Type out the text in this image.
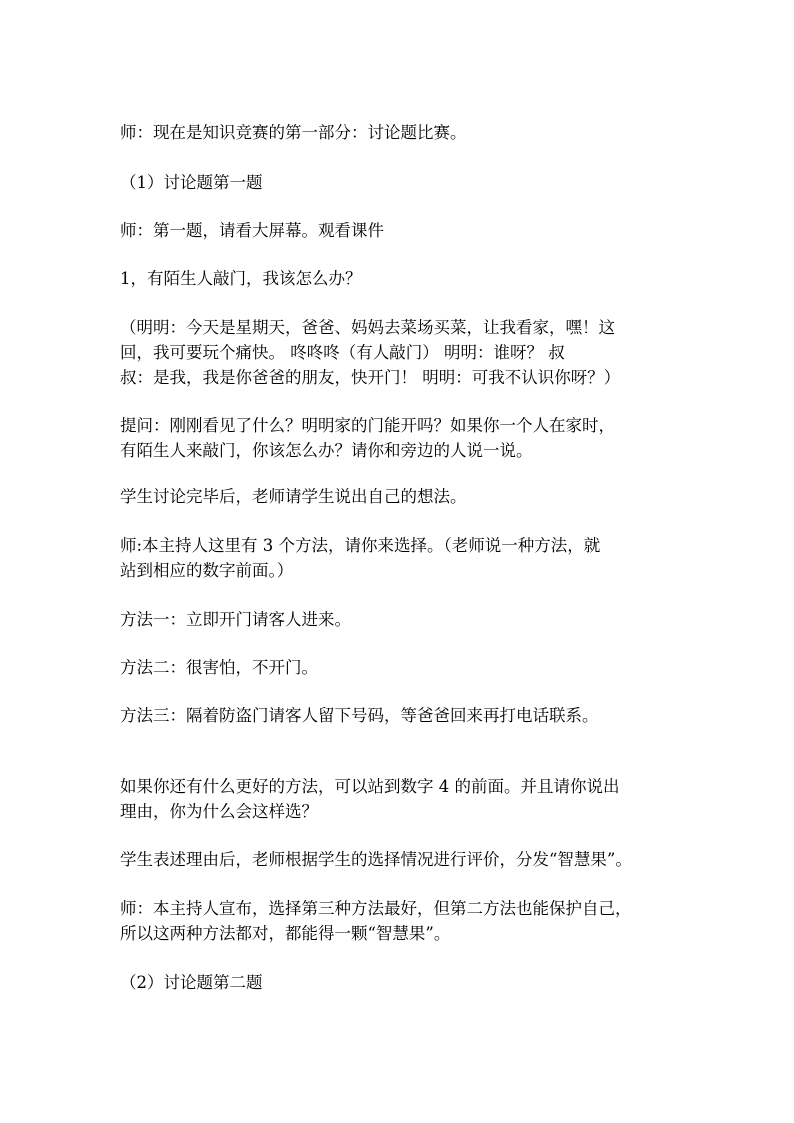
师：现在是知识竞赛的第一部分：讨论题比赛。

（1）讨论题第一题

师：第一题，请看大屏幕。观看课件

1，有陌生人敲门，我该怎么办？

（明明：今天是星期天，爸爸、妈妈去菜场买菜，让我看家，嘿！这

回，我可要玩个痛快。 咚咚咚（有人敲门） 明明：谁呀？ 叔

叔：是我，我是你爸爸的朋友，快开门！ 明明：可我不认识你呀？）

提问：刚刚看见了什么？明明家的门能开吗？如果你一个人在家时，

有陌生人来敲门，你该怎么办？请你和旁边的人说一说。

学生讨论完毕后，老师请学生说出自己的想法。

师:本主持人这里有 3 个方法，请你来选择。（老师说一种方法，就

站到相应的数字前面。）

方法一：立即开门请客人进来。

方法二：很害怕，不开门。

方法三：隔着防盗门请客人留下号码，等爸爸回来再打电话联系。

如果你还有什么更好的方法，可以站到数字 4 的前面。并且请你说出

理由，你为什么会这样选？

学生表述理由后，老师根据学生的选择情况进行评价，分发“智慧果”。

师：本主持人宣布，选择第三种方法最好，但第二方法也能保护自己，

所以这两种方法都对，都能得一颗“智慧果”。

（2）讨论题第二题
